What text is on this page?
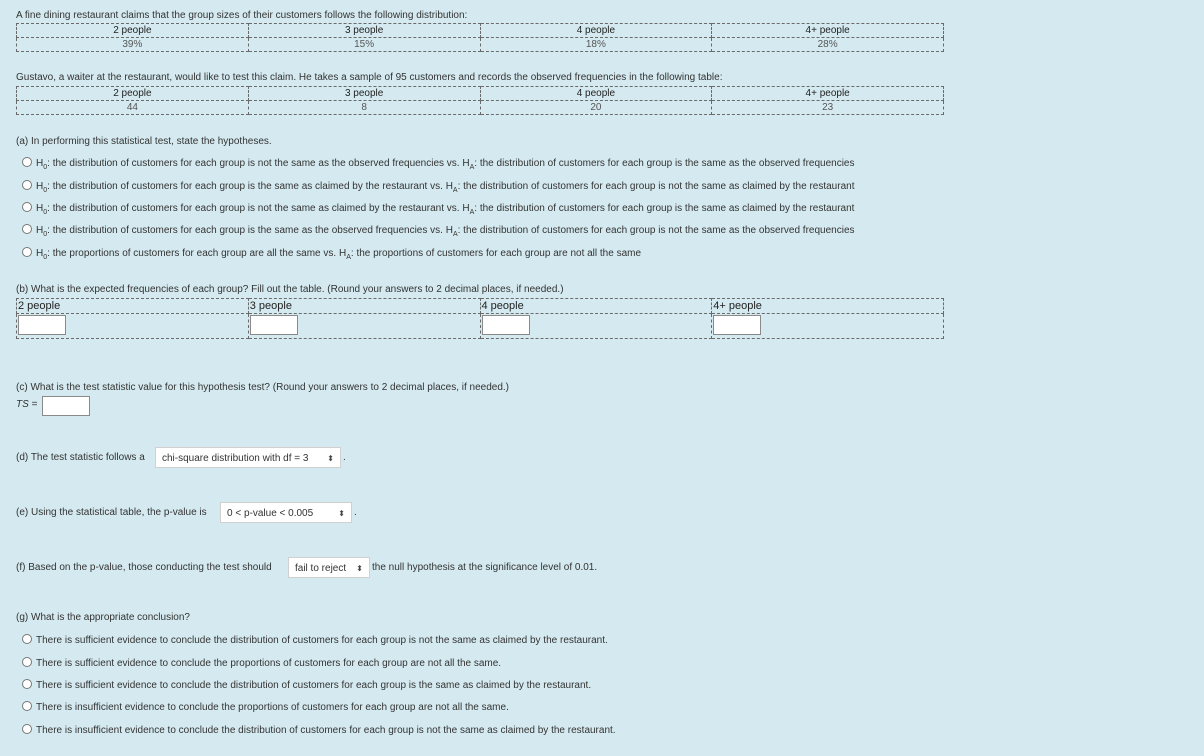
A fine dining restaurant claims that the group sizes of their customers follows the following distribution:
2 people	3 people	4 people	4+ people
39%	15%	18%	28%
Gustavo, a waiter at the restaurant, would like to test this claim. He takes a sample of 95 customers and records the observed frequencies in the following table:
2 people	3 people	4 people	4+ people
44	8	20	23
(a) In performing this statistical test, state the hypotheses.
$H_0$: the distribution of customers for each group is not the same as the observed frequencies vs. $H_A$: the distribution of customers for each group is the same as the observed frequencies
$H_0$: the distribution of customers for each group is the same as claimed by the restaurant vs. $H_A$: the distribution of customers for each group is not the same as claimed by the restaurant
$H_0$: the distribution of customers for each group is not the same as claimed by the restaurant vs. $H_A$: the distribution of customers for each group is the same as claimed by the restaurant
$H_0$: the distribution of customers for each group is the same as the observed frequencies vs. $H_A$: the distribution of customers for each group is not the same as the observed frequencies
$H_0$: the proportions of customers for each group are all the same vs. $H_A$: the proportions of customers for each group are not all the same
(b) What is the expected frequencies of each group? Fill out the table. (Round your answers to 2 decimal places, if needed.)
2 people	3 people	4 people	4+ people

(c) What is the test statistic value for this hypothesis test? (Round your answers to 2 decimal places, if needed.)
TS =
(d) The test statistic follows a	chi-square distribution with df = 3 ⬍ .
(e) Using the statistical table, the p-value is	0 < p-value < 0.005	⬍ .
(f) Based on the p-value, those conducting the test should	fail to reject ⬍ the null hypothesis at the significance level of 0.01.
(g) What is the appropriate conclusion?
There is sufficient evidence to conclude the distribution of customers for each group is not the same as claimed by the restaurant.
There is sufficient evidence to conclude the proportions of customers for each group are not all the same.
There is sufficient evidence to conclude the distribution of customers for each group is the same as claimed by the restaurant.
There is insufficient evidence to conclude the proportions of customers for each group are not all the same.
There is insufficient evidence to conclude the distribution of customers for each group is not the same as claimed by the restaurant.
